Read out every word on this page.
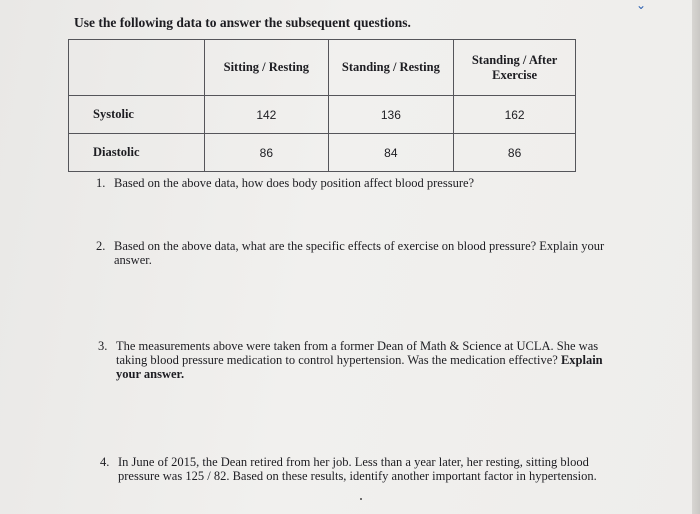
⌄
Use the following data to answer the subsequent questions.
	Sitting / Resting	Standing / Resting	Standing / After
Exercise
Systolic	142	136	162
Diastolic	86	84	86
1. Based on the above data, how does body position affect blood pressure?
2. Based on the above data, what are the specific effects of exercise on blood pressure? Explain your
answer.
3. The measurements above were taken from a former Dean of Math & Science at UCLA. She was
taking blood pressure medication to control hypertension. Was the medication effective? Explain
your answer.
4. In June of 2015, the Dean retired from her job. Less than a year later, her resting, sitting blood
pressure was 125 / 82. Based on these results, identify another important factor in hypertension.
